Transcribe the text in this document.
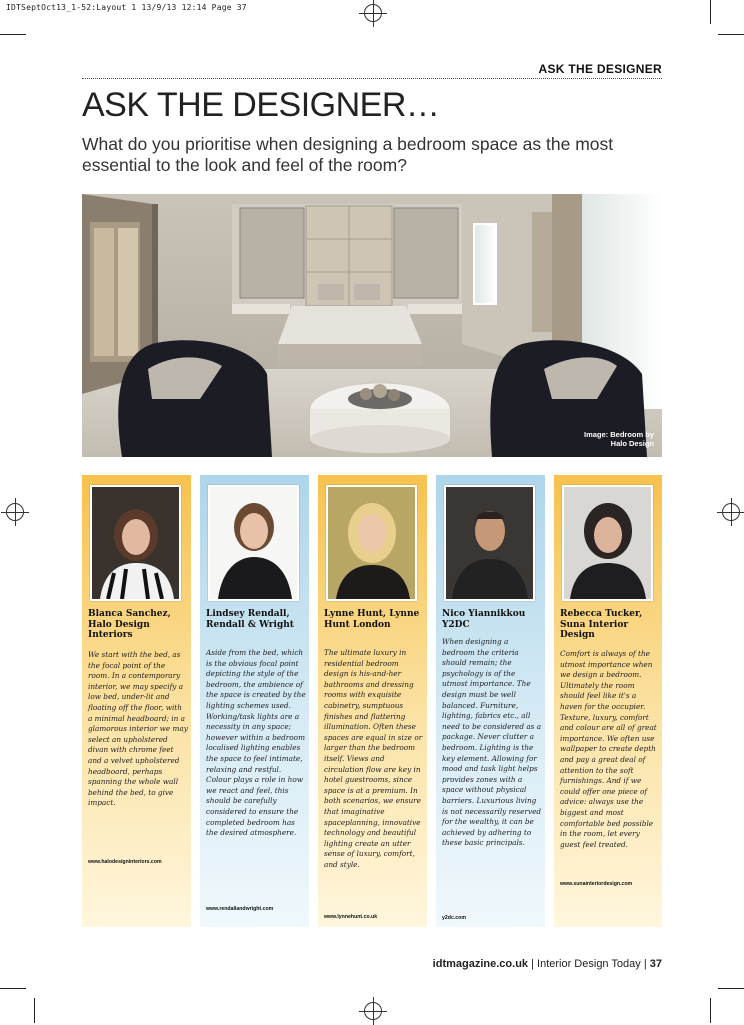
IDTSeptOct13_1-52:Layout 1 13/9/13 12:14 Page 37
ASK THE DESIGNER
ASK THE DESIGNER…

What do you prioritise when designing a bedroom space as the most essential to the look and feel of the room?

Image: Bedroom by
Halo Design
Blanca Sanchez, Halo Design Interiors
We start with the bed, as the focal point of the room. In a contemporary interior, we may specify a low bed, under-lit and floating off the floor, with a minimal headboard; in a glamorous interior we may select an upholstered divan with chrome feet and a velvet upholstered headboard, perhaps spanning the whole wall behind the bed, to give impact.
www.halodesigninteriors.com
Lindsey Rendall, Rendall & Wright
Aside from the bed, which is the obvious focal point depicting the style of the bedroom, the ambience of the space is created by the lighting schemes used. Working/task lights are a necessity in any space; however within a bedroom localised lighting enables the space to feel intimate, relaxing and restful. Colour plays a role in how we react and feel, this should be carefully considered to ensure the completed bedroom has the desired atmosphere.
www.rendallandwright.com
Lynne Hunt, Lynne Hunt London
The ultimate luxury in residential bedroom design is his-and-her bathrooms and dressing rooms with exquisite cabinetry, sumptuous finishes and flattering illumination. Often these spaces are equal in size or larger than the bedroom itself. Views and circulation flow are key in hotel guestrooms, since space is at a premium. In both scenarios, we ensure that imaginative spaceplanning, innovative technology and beautiful lighting create an utter sense of luxury, comfort, and style.
www.lynnehunt.co.uk
Nico Yiannikkou Y2DC
When designing a bedroom the criteria should remain; the psychology is of the utmost importance. The design must be well balanced. Furniture, lighting, fabrics etc., all need to be considered as a package. Never clutter a bedroom. Lighting is the key element. Allowing for mood and task light helps provides zones with a space without physical barriers. Luxurious living is not necessarily reserved for the wealthy, it can be achieved by adhering to these basic principals.
y2dc.com
Rebecca Tucker, Suna Interior Design
Comfort is always of the utmost importance when we design a bedroom. Ultimately the room should feel like it's a haven for the occupier. Texture, luxury, comfort and colour are all of great importance. We often use wallpaper to create depth and pay a great deal of attention to the soft furnishings. And if we could offer one piece of advice: always use the biggest and most comfortable bed possible in the room, let every guest feel treated.
www.sunainteriordesign.com
idtmagazine.co.uk | Interior Design Today | 37
